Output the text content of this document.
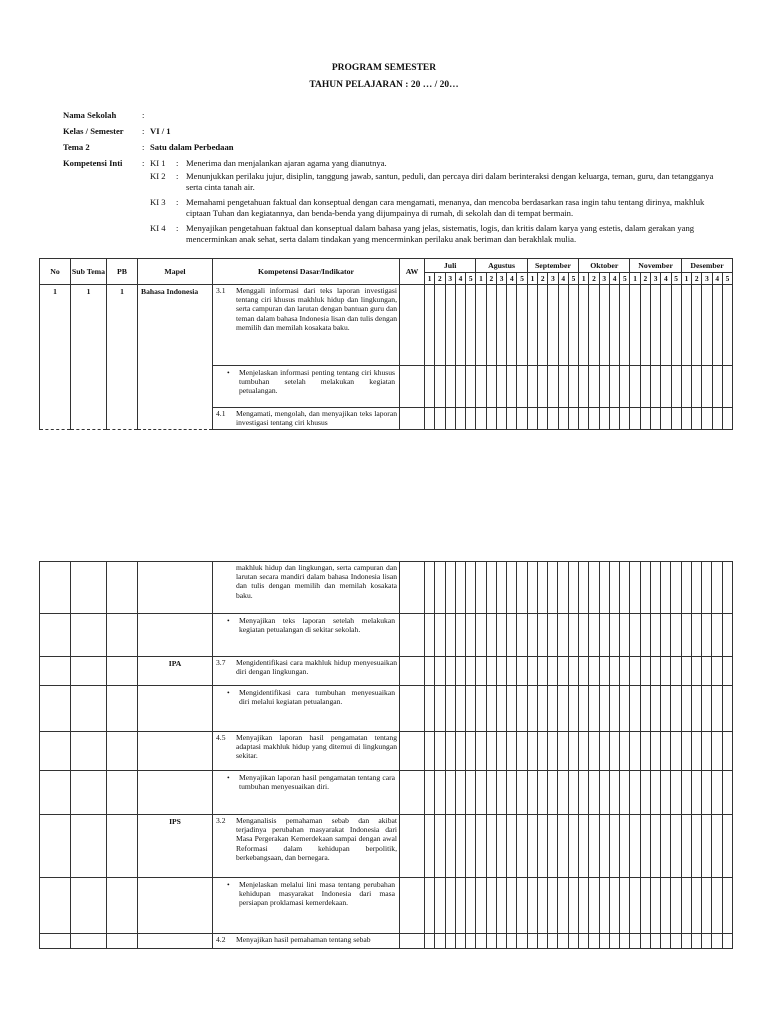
PROGRAM SEMESTER
TAHUN PELAJARAN : 20 … / 20…
Nama Sekolah	:
Kelas / Semester	: VI / 1
Tema 2	: Satu dalam Perbedaan
Kompetensi Inti	: KI 1	: Menerima dan menjalankan ajaran agama yang dianutnya.
KI 2	: Menunjukkan perilaku jujur, disiplin, tanggung jawab, santun, peduli, dan percaya diri dalam berinteraksi dengan keluarga, teman, guru, dan tetangganya serta cinta tanah air.
KI 3	: Memahami pengetahuan faktual dan konseptual dengan cara mengamati, menanya, dan mencoba berdasarkan rasa ingin tahu tentang dirinya, makhluk ciptaan Tuhan dan kegiatannya, dan benda-benda yang dijumpainya di rumah, di sekolah dan di tempat bermain.
KI 4	: Menyajikan pengetahuan faktual dan konseptual dalam bahasa yang jelas, sistematis, logis, dan kritis dalam karya yang estetis, dalam gerakan yang mencerminkan anak sehat, serta dalam tindakan yang mencerminkan perilaku anak beriman dan berakhlak mulia.
No	Sub Tema	PB	Mapel	Kompetensi Dasar/Indikator	AW	Juli					Agustus					September					Oktober					November					Desember				
						1	2	3	4	5	1	2	3	4	5	1	2	3	4	5	1	2	3	4	5	1	2	3	4	5	1	2	3	4	5
1	1	1	Bahasa Indonesia	3.1 Menggali informasi dari teks laporan investigasi tentang ciri khusus makhluk hidup dan lingkungan, serta campuran dan larutan dengan bantuan guru dan teman dalam bahasa Indonesia lisan dan tulis dengan memilih dan memilah kosakata baku.																															

				• Menjelaskan informasi penting tentang ciri khusus tumbuhan setelah melakukan kegiatan petualangan.																															

				4.1 Mengamati, mengolah, dan menyajikan teks laporan investigasi tentang ciri khusus																															

				makhluk hidup dan lingkungan, serta campuran dan larutan secara mandiri dalam bahasa Indonesia lisan dan tulis dengan memilih dan memilah kosakata baku.																															

				• Menyajikan teks laporan setelah melakukan kegiatan petualangan di sekitar sekolah.																															

			IPA	3.7 Mengidentifikasi cara makhluk hidup menyesuaikan diri dengan lingkungan.																															

				• Mengidentifikasi cara tumbuhan menyesuaikan diri melalui kegiatan petualangan.																															

				4.5 Menyajikan laporan hasil pengamatan tentang adaptasi makhluk hidup yang ditemui di lingkungan sekitar.																															

				• Menyajikan laporan hasil pengamatan tentang cara tumbuhan menyesuaikan diri.																															

			IPS	3.2 Menganalisis pemahaman sebab dan akibat terjadinya perubahan masyarakat Indonesia dari Masa Pergerakan Kemerdekaan sampai dengan awal Reformasi dalam kehidupan berpolitik, berkebangsaan, dan bernegara.																															

				• Menjelaskan melalui lini masa tentang perubahan kehidupan masyarakat Indonesia dari masa persiapan proklamasi kemerdekaan.																															

				4.2 Menyajikan hasil pemahaman tentang sebab																															
